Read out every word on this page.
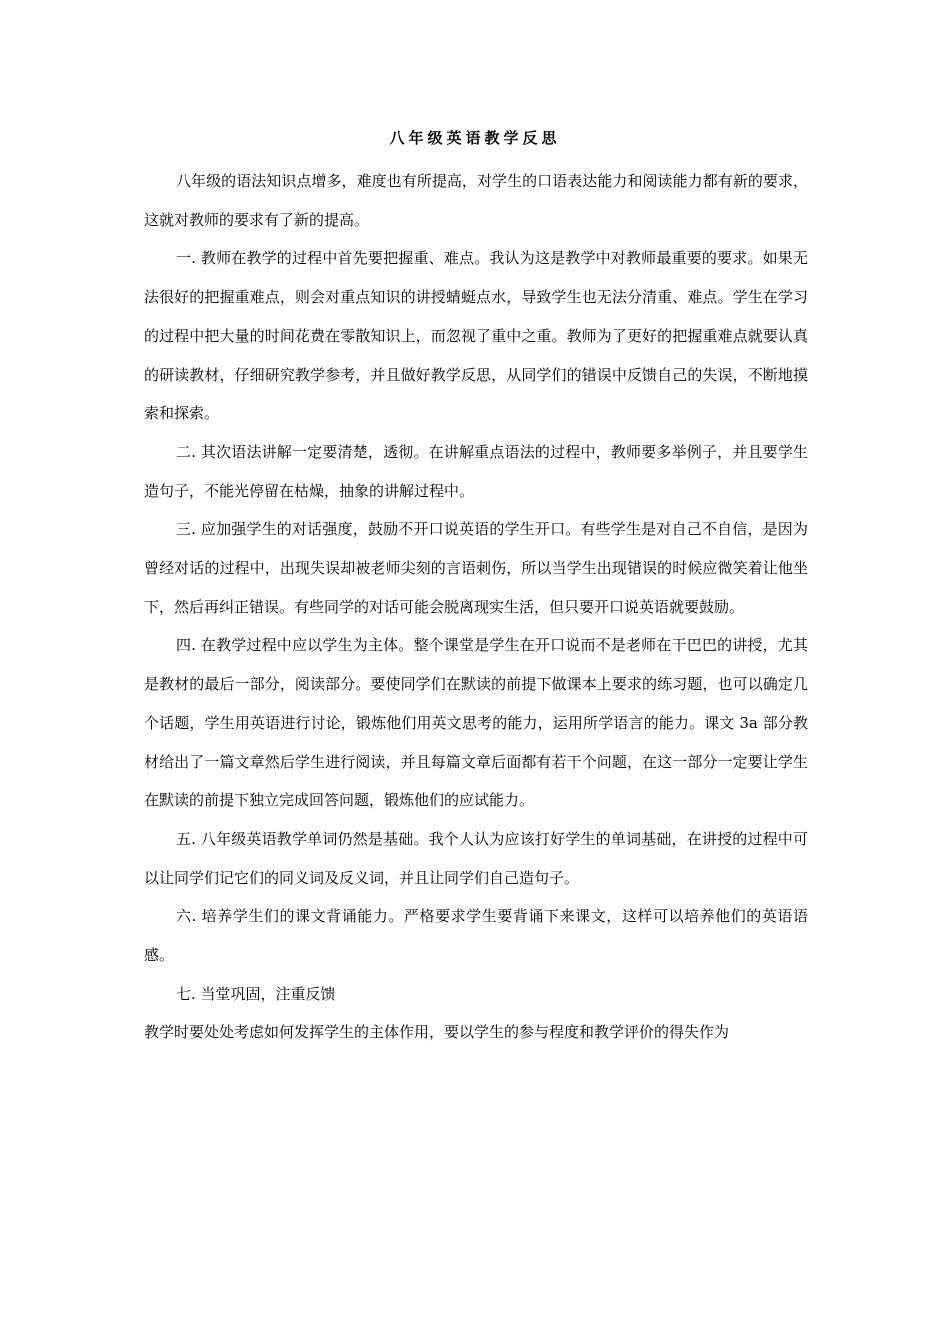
八年级英语教学反思

八年级的语法知识点增多，难度也有所提高，对学生的口语表达能力和阅读能力都有新的要求，这就对教师的要求有了新的提高。

一. 教师在教学的过程中首先要把握重、难点。我认为这是教学中对教师最重要的要求。如果无法很好的把握重难点，则会对重点知识的讲授蜻蜓点水，导致学生也无法分清重、难点。学生在学习的过程中把大量的时间花费在零散知识上，而忽视了重中之重。教师为了更好的把握重难点就要认真的研读教材，仔细研究教学参考，并且做好教学反思，从同学们的错误中反馈自己的失误，不断地摸索和探索。

二. 其次语法讲解一定要清楚，透彻。在讲解重点语法的过程中，教师要多举例子，并且要学生造句子，不能光停留在枯燥，抽象的讲解过程中。

三. 应加强学生的对话强度，鼓励不开口说英语的学生开口。有些学生是对自己不自信，是因为曾经对话的过程中，出现失误却被老师尖刻的言语刺伤，所以当学生出现错误的时候应微笑着让他坐下，然后再纠正错误。有些同学的对话可能会脱离现实生活，但只要开口说英语就要鼓励。

四. 在教学过程中应以学生为主体。整个课堂是学生在开口说而不是老师在干巴巴的讲授，尤其是教材的最后一部分，阅读部分。要使同学们在默读的前提下做课本上要求的练习题，也可以确定几个话题，学生用英语进行讨论，锻炼他们用英文思考的能力，运用所学语言的能力。课文 3a 部分教材给出了一篇文章然后学生进行阅读，并且每篇文章后面都有若干个问题，在这一部分一定要让学生在默读的前提下独立完成回答问题，锻炼他们的应试能力。

五. 八年级英语教学单词仍然是基础。我个人认为应该打好学生的单词基础，在讲授的过程中可以让同学们记它们的同义词及反义词，并且让同学们自己造句子。

六. 培养学生们的课文背诵能力。严格要求学生要背诵下来课文，这样可以培养他们的英语语感。

七. 当堂巩固，注重反馈

教学时要处处考虑如何发挥学生的主体作用，要以学生的参与程度和教学评价的得失作为
